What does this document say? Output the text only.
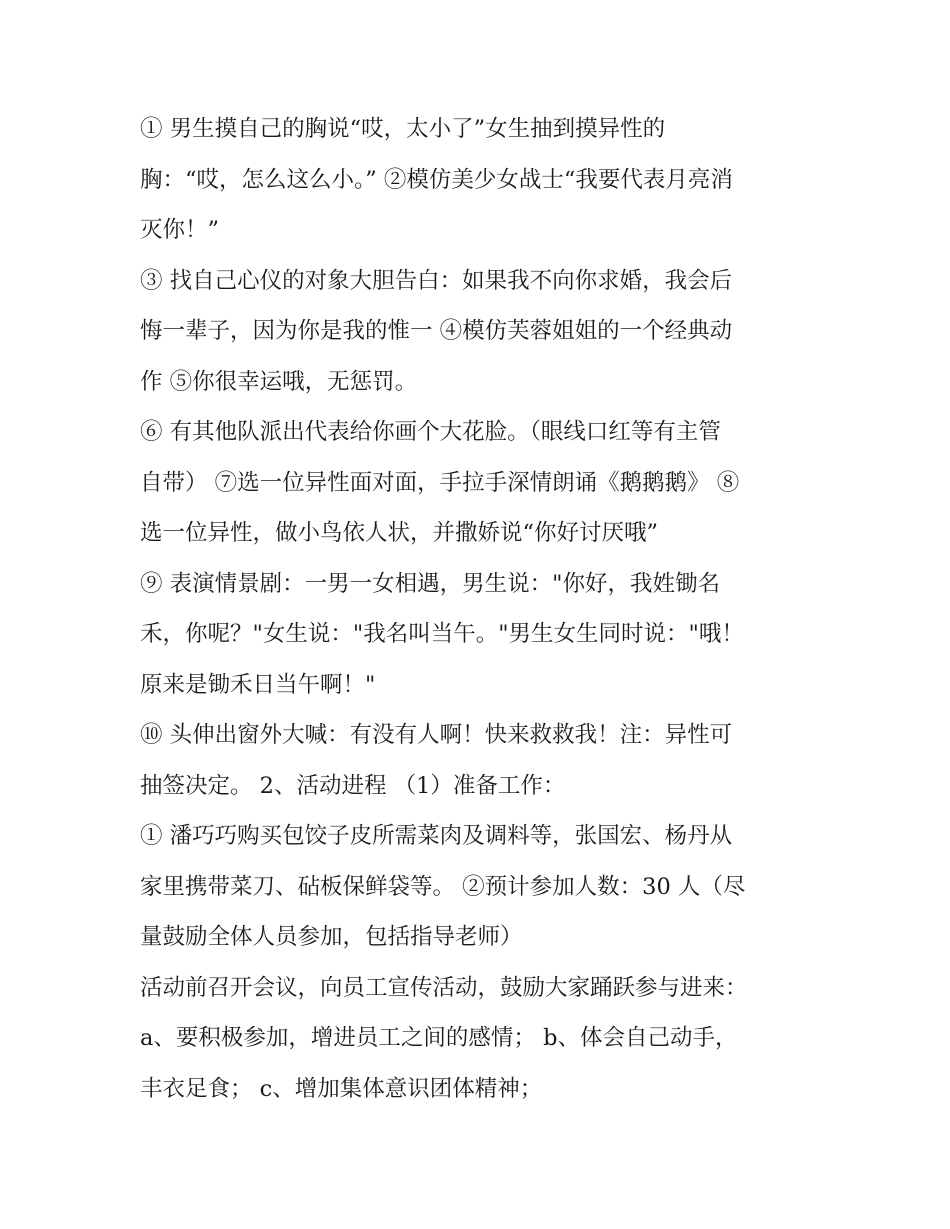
① 男生摸自己的胸说“哎，太小了”女生抽到摸异性的
胸：“哎，怎么这么小。” ②模仿美少女战士“我要代表月亮消
灭你！”
③ 找自己心仪的对象大胆告白：如果我不向你求婚，我会后
悔一辈子，因为你是我的惟一 ④模仿芙蓉姐姐的一个经典动
作 ⑤你很幸运哦，无惩罚。
⑥ 有其他队派出代表给你画个大花脸。（眼线口红等有主管
自带） ⑦选一位异性面对面，手拉手深情朗诵《鹅鹅鹅》 ⑧
选一位异性，做小鸟依人状，并撒娇说“你好讨厌哦”
⑨ 表演情景剧：一男一女相遇，男生说："你好，我姓锄名
禾，你呢？"女生说："我名叫当午。"男生女生同时说："哦！
原来是锄禾日当午啊！"
⑩ 头伸出窗外大喊：有没有人啊！快来救救我！注：异性可
抽签决定。 2、活动进程 （1）准备工作：
① 潘巧巧购买包饺子皮所需菜肉及调料等，张国宏、杨丹从
家里携带菜刀、砧板保鲜袋等。 ②预计参加人数：30 人（尽
量鼓励全体人员参加，包括指导老师）
活动前召开会议，向员工宣传活动，鼓励大家踊跃参与进来：
a、要积极参加，增进员工之间的感情； b、体会自己动手，
丰衣足食； c、增加集体意识团体精神；
